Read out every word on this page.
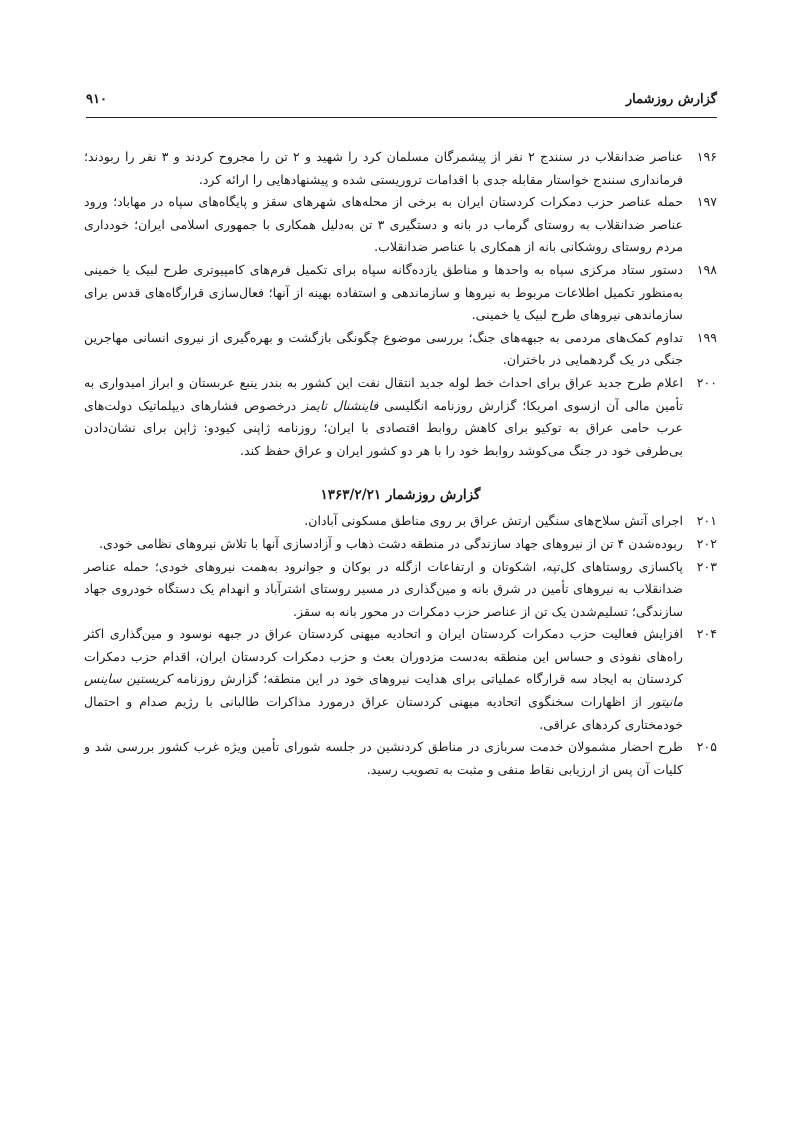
گزارش روزشمار
۹۱۰
۱۹۶
عناصر ضدانقلاب در سنندج ۲ نفر از پیشمرگان مسلمان کرد را شهید و ۲ تن را مجروح کردند و ۳ نفر را ربودند؛ فرمانداری سنندج خواستار مقابله جدی با اقدامات تروریستی شده و پیشنهادهایی را ارائه کرد.
۱۹۷
حمله عناصر حزب دمکرات کردستان ایران به برخی از محله‌های شهرهای سقز و پایگاه‌های سپاه در مهاباد؛ ورود عناصر ضدانقلاب به روستای گرماب در بانه و دستگیری ۳ تن به‌دلیل همکاری با جمهوری اسلامی ایران؛ خودداری مردم روستای روشکانی بانه از همکاری با عناصر ضدانقلاب.
۱۹۸
دستور ستاد مرکزی سپاه به واحدها و مناطق یازده‌گانه سپاه برای تکمیل فرم‌های کامپیوتری طرح لبیک یا خمینی به‌منظور تکمیل اطلاعات مربوط به نیروها و سازماندهی و استفاده بهینه از آنها؛ فعال‌سازی قرارگاه‌های قدس برای سازماندهی نیروهای طرح لبیک یا خمینی.
۱۹۹
تداوم کمک‌های مردمی به جبهه‌های جنگ؛ بررسی موضوع چگونگی بازگشت و بهره‌گیری از نیروی انسانی مهاجرین جنگی در یک گردهمایی در باختران.
۲۰۰
اعلام طرح جدید عراق برای احداث خط لوله جدید انتقال نفت این کشور به بندر ینبع عربستان و ابراز امیدواری به تأمین مالی آن ازسوی امریکا؛ گزارش روزنامه انگلیسی فاینشنال تایمز درخصوص فشارهای دیپلماتیک دولت‌های عرب حامی عراق به توکیو برای کاهش روابط اقتصادی با ایران؛ روزنامه ژاپنی کیودو: ژاپن برای نشان‌دادن بی‌طرفی خود در جنگ می‌کوشد روابط خود را با هر دو کشور ایران و عراق حفظ کند.
گزارش روزشمار ۱۳۶۳/۲/۲۱
۲۰۱
اجرای آتش سلاح‌های سنگین ارتش عراق بر روی مناطق مسکونی آبادان.
۲۰۲
ربوده‌شدن ۴ تن از نیروهای جهاد سازندگی در منطقه دشت ذهاب و آزادسازی آنها با تلاش نیروهای نظامی خودی.
۲۰۳
پاکسازی روستاهای کل‌تپه، اشکوتان و ارتفاعات ازگله در بوکان و جوانرود به‌همت نیروهای خودی؛ حمله عناصر ضدانقلاب به نیروهای تأمین در شرق بانه و مین‌گذاری در مسیر روستای اشترآباد و انهدام یک دستگاه خودروی جهاد سازندگی؛ تسلیم‌شدن یک تن از عناصر حزب دمکرات در محور بانه به سقز.
۲۰۴
افزایش فعالیت حزب دمکرات کردستان ایران و اتحادیه میهنی کردستان عراق در جبهه نوسود و مین‌گذاری اکثر راه‌های نفوذی و حساس این منطقه به‌دست مزدوران بعث و حزب دمکرات کردستان ایران، اقدام حزب دمکرات کردستان به ایجاد سه قرارگاه عملیاتی برای هدایت نیروهای خود در این منطقه؛ گزارش روزنامه کریستین ساینس مانیتور از اظهارات سخنگوی اتحادیه میهنی کردستان عراق درمورد مذاکرات طالبانی با رژیم صدام و احتمال خودمختاری کردهای عراقی.
۲۰۵
طرح احضار مشمولان خدمت سربازی در مناطق کردنشین در جلسه شورای تأمین ویژه غرب کشور بررسی شد و کلیات آن پس از ارزیابی نقاط منفی و مثبت به تصویب رسید.
